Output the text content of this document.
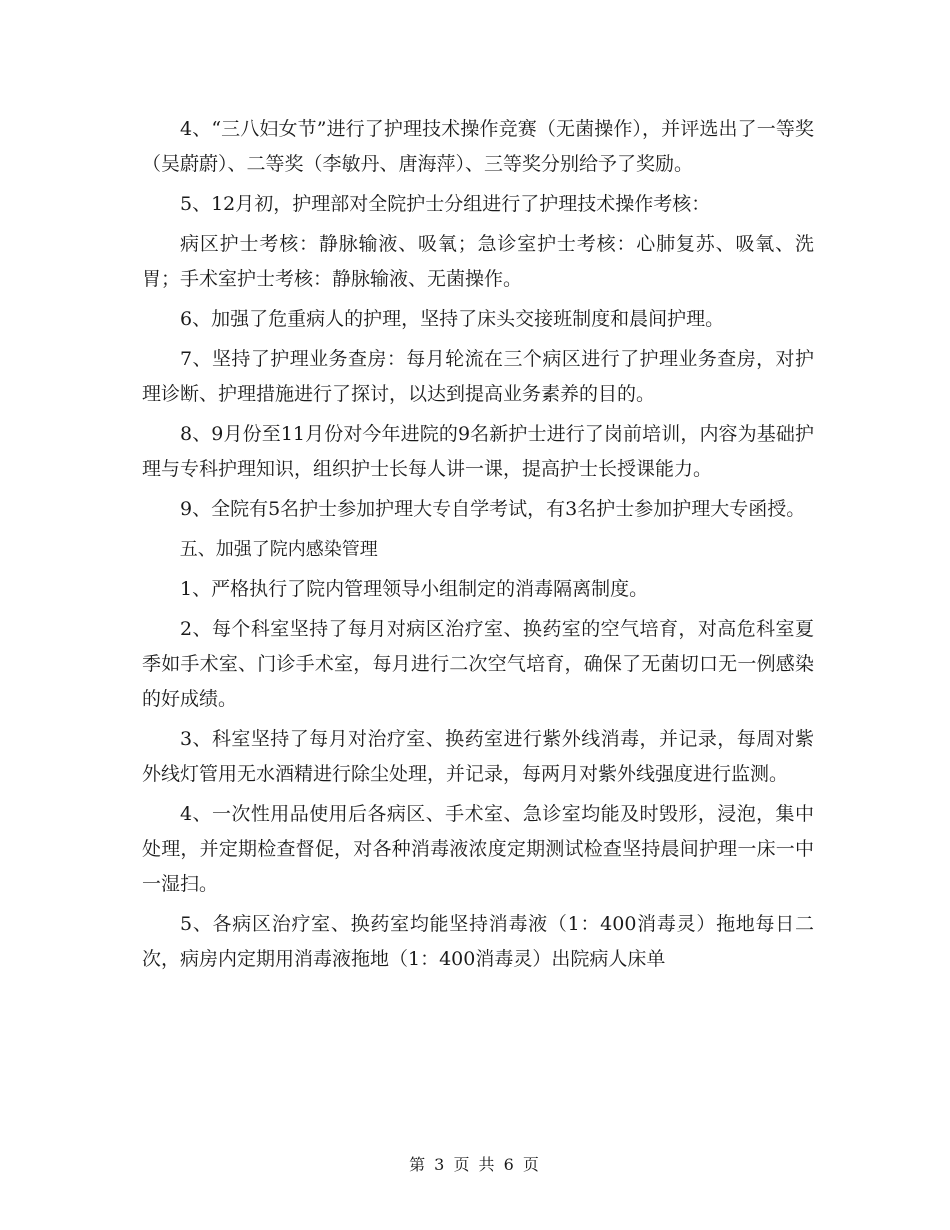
4、“三八妇女节”进行了护理技术操作竞赛（无菌操作），并评选出了一等奖（吴蔚蔚）、二等奖（李敏丹、唐海萍）、三等奖分别给予了奖励。

5、12月初，护理部对全院护士分组进行了护理技术操作考核：

病区护士考核：静脉输液、吸氧；急诊室护士考核：心肺复苏、吸氧、洗胃；手术室护士考核：静脉输液、无菌操作。

6、加强了危重病人的护理，坚持了床头交接班制度和晨间护理。

7、坚持了护理业务查房：每月轮流在三个病区进行了护理业务查房，对护理诊断、护理措施进行了探讨，以达到提高业务素养的目的。

8、9月份至11月份对今年进院的9名新护士进行了岗前培训，内容为基础护理与专科护理知识，组织护士长每人讲一课，提高护士长授课能力。

9、全院有5名护士参加护理大专自学考试，有3名护士参加护理大专函授。

五、加强了院内感染管理

1、严格执行了院内管理领导小组制定的消毒隔离制度。

2、每个科室坚持了每月对病区治疗室、换药室的空气培育，对高危科室夏季如手术室、门诊手术室，每月进行二次空气培育，确保了无菌切口无一例感染的好成绩。

3、科室坚持了每月对治疗室、换药室进行紫外线消毒，并记录，每周对紫外线灯管用无水酒精进行除尘处理，并记录，每两月对紫外线强度进行监测。

4、一次性用品使用后各病区、手术室、急诊室均能及时毁形，浸泡，集中处理，并定期检查督促，对各种消毒液浓度定期测试检查坚持晨间护理一床一中一湿扫。

5、各病区治疗室、换药室均能坚持消毒液（1：400消毒灵）拖地每日二次，病房内定期用消毒液拖地（1：400消毒灵）出院病人床单

第 3 页 共 6 页
